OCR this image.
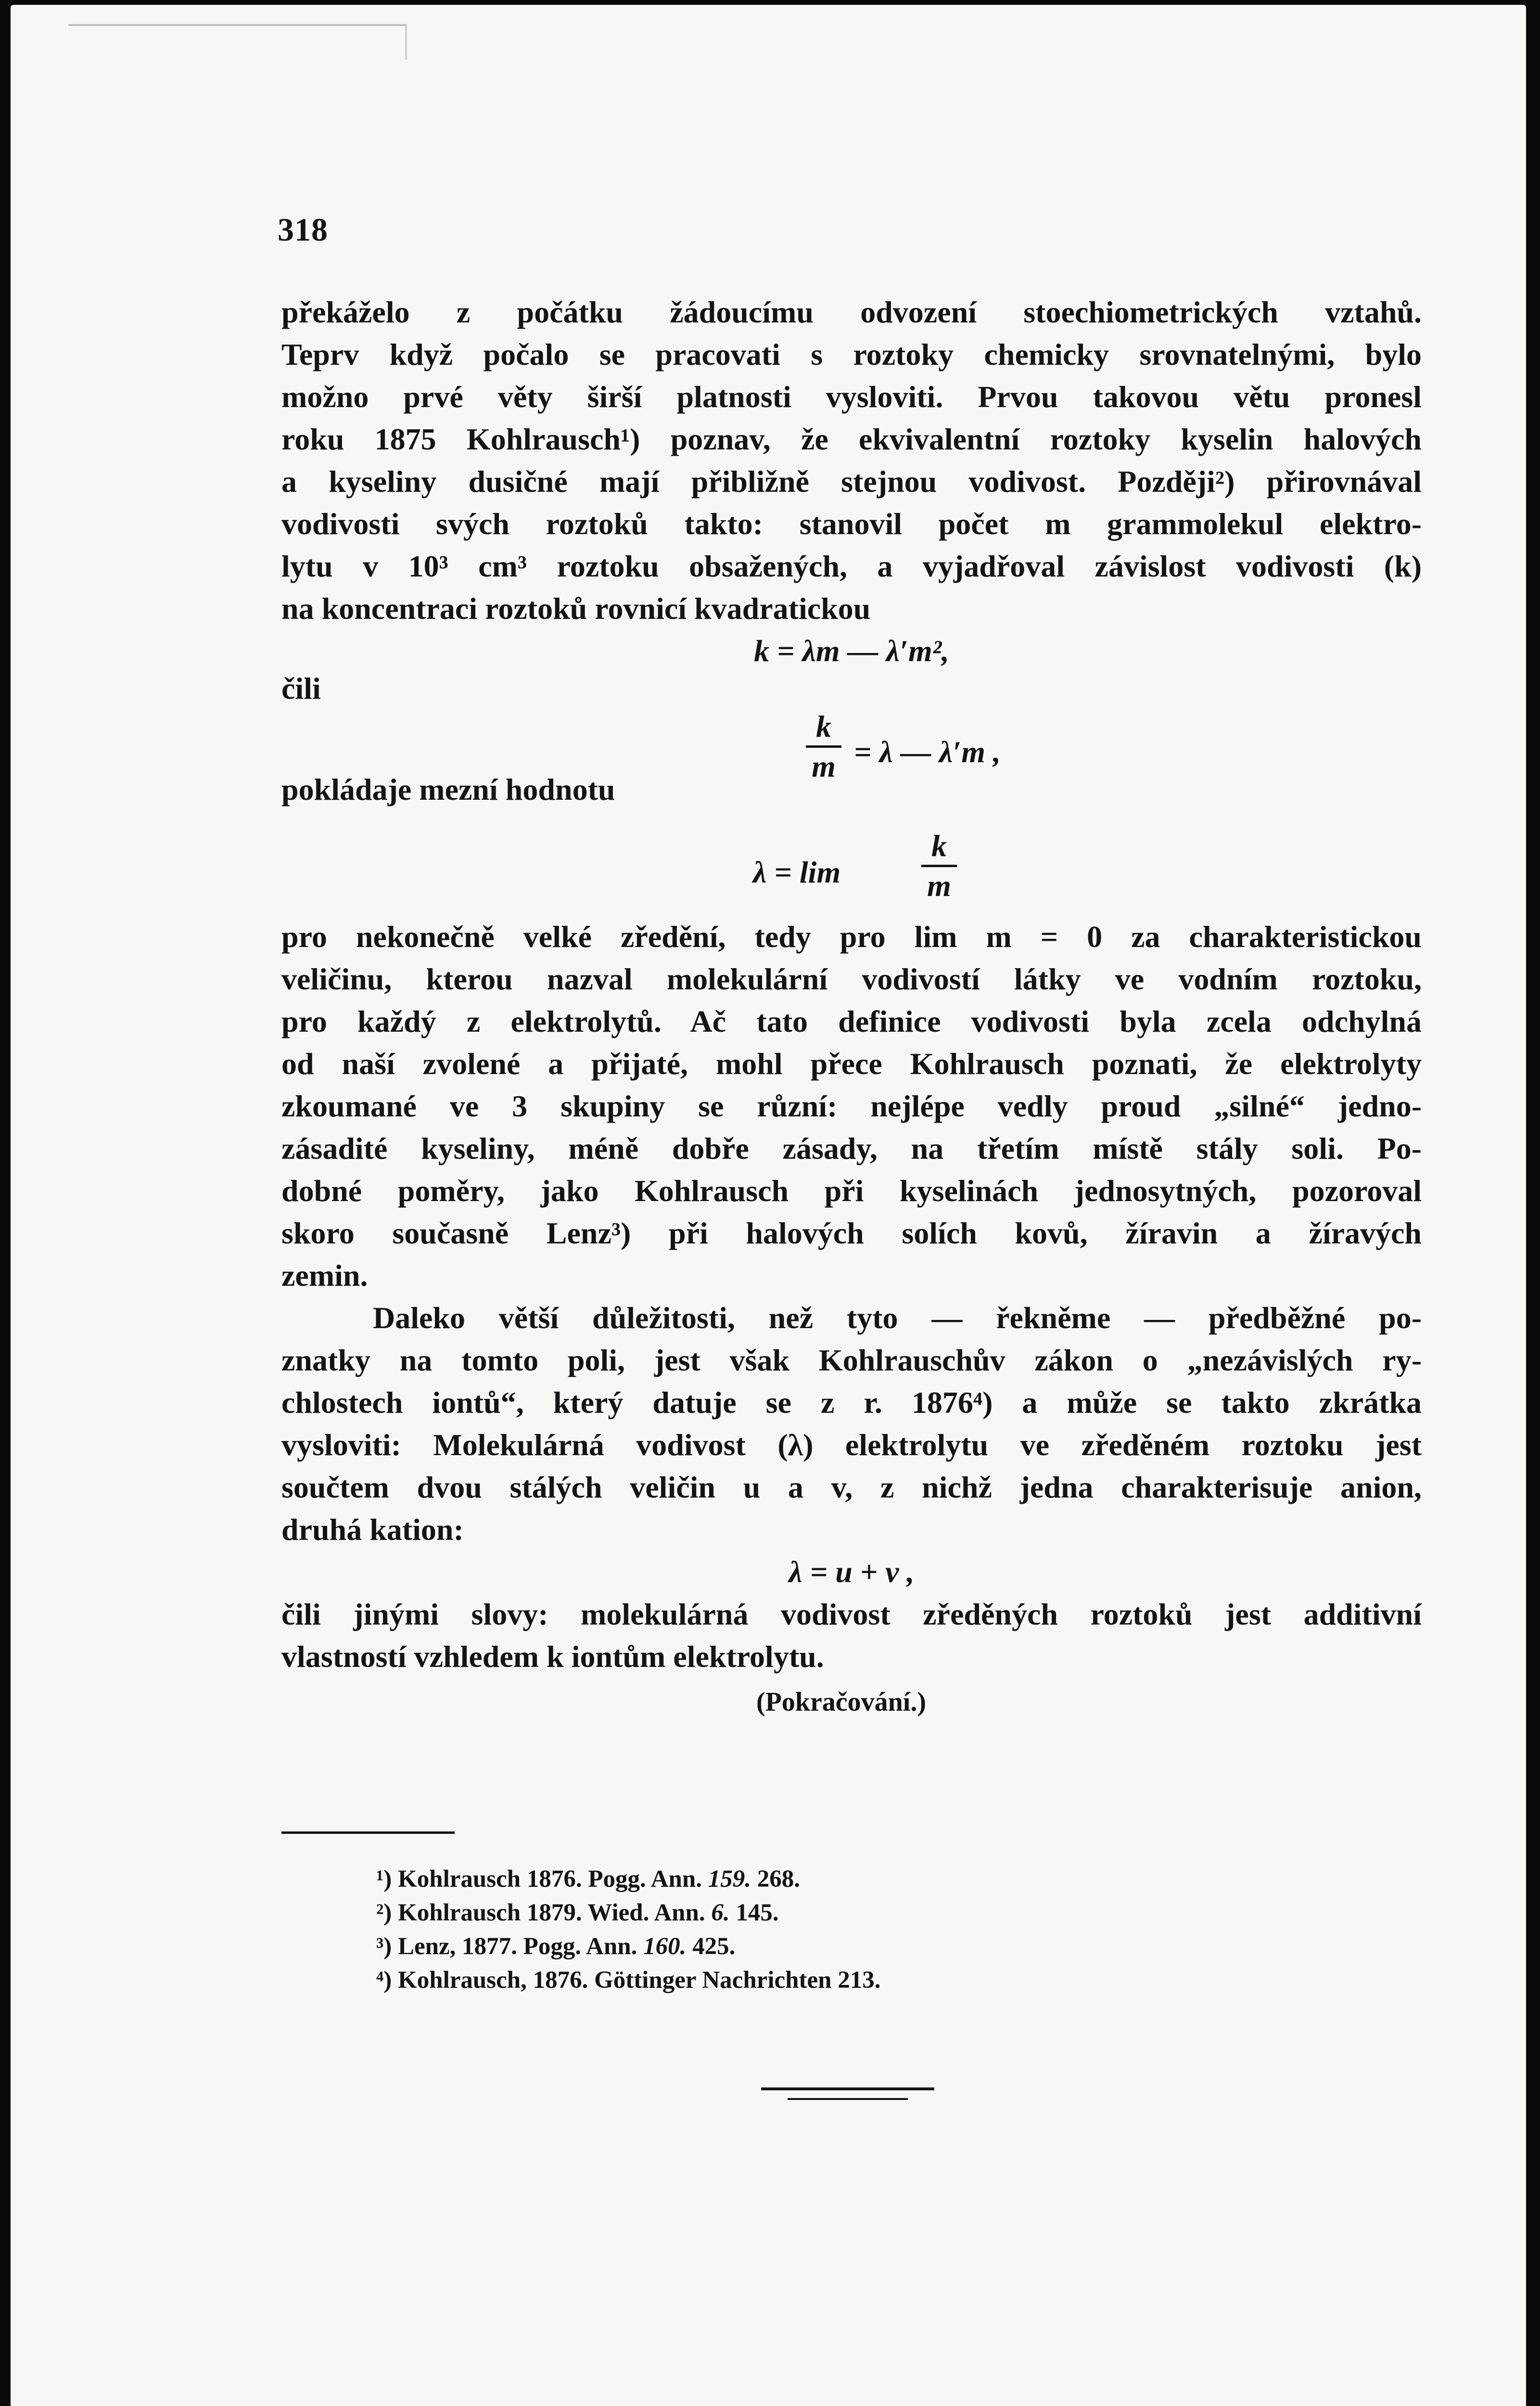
318
překáželo z počátku žádoucímu odvození stoechiometrických vztahů.
Teprv když počalo se pracovati s roztoky chemicky srovnatelnými, bylo
možno prvé věty širší platnosti vysloviti. Prvou takovou větu pronesl
roku 1875 Kohlrausch¹) poznav, že ekvivalentní roztoky kyselin halových
a kyseliny dusičné mají přibližně stejnou vodivost. Později²) přirovnával
vodivosti svých roztoků takto: stanovil počet m grammolekul elektro-
lytu v 10³ cm³ roztoku obsažených, a vyjadřoval závislost vodivosti (k)
na koncentraci roztoků rovnicí kvadratickou
k = λm — λ′m²,
čili
k
m = λ — λ′m ,
pokládaje mezní hodnotu
λ = lim
k
m
pro nekonečně velké zředění, tedy pro lim m = 0 za charakteristickou
veličinu, kterou nazval molekulární vodivostí látky ve vodním roztoku,
pro každý z elektrolytů. Ač tato definice vodivosti byla zcela odchylná
od naší zvolené a přijaté, mohl přece Kohlrausch poznati, že elektrolyty
zkoumané ve 3 skupiny se různí: nejlépe vedly proud „silné“ jedno-
zásadité kyseliny, méně dobře zásady, na třetím místě stály soli. Po-
dobné poměry, jako Kohlrausch při kyselinách jednosytných, pozoroval
skoro současně Lenz³) při halových solích kovů, žíravin a žíravých
zemin.
Daleko větší důležitosti, než tyto — řekněme — předběžné po-
znatky na tomto poli, jest však Kohlrauschův zákon o „nezávislých ry-
chlostech iontů“, který datuje se z r. 1876⁴) a může se takto zkrátka
vysloviti: Molekulárná vodivost (λ) elektrolytu ve zředěném roztoku jest
součtem dvou stálých veličin u a v, z nichž jedna charakterisuje anion,
druhá kation:
λ = u + v ,
čili jinými slovy: molekulárná vodivost zředěných roztoků jest additivní
vlastností vzhledem k iontům elektrolytu.
(Pokračování.)
¹) Kohlrausch 1876. Pogg. Ann. 159. 268.
²) Kohlrausch 1879. Wied. Ann. 6. 145.
³) Lenz, 1877. Pogg. Ann. 160. 425.
⁴) Kohlrausch, 1876. Göttinger Nachrichten 213.
